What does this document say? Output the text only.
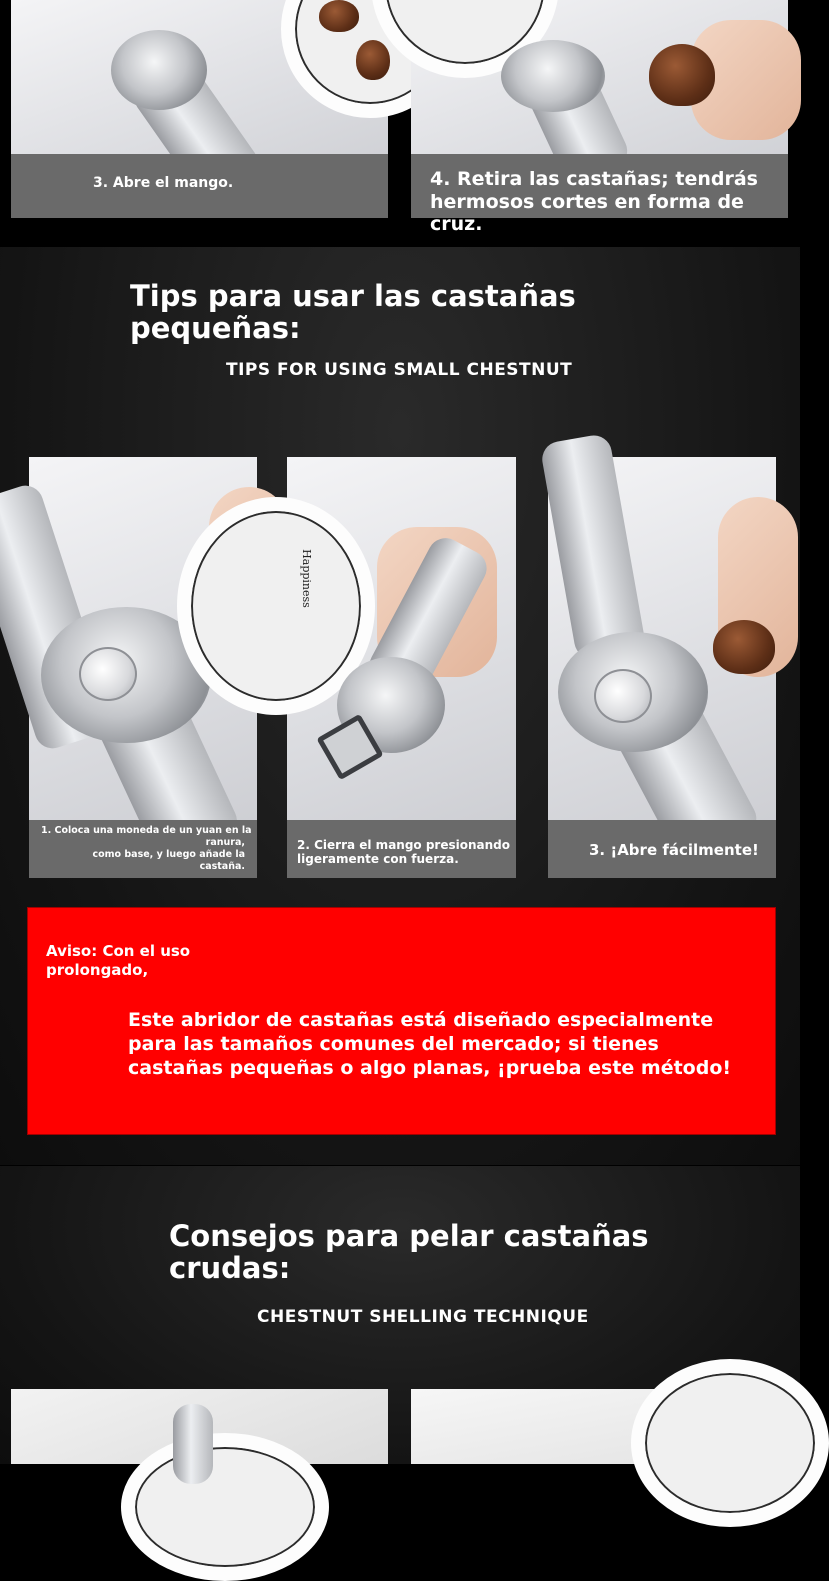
3. Abre el mango.	4. Retira las castañas; tendrás
hermosos cortes en forma de cruz.
Tips para usar las castañas
pequeñas:
TIPS FOR USING SMALL CHESTNUT
1. Coloca una moneda de un yuan en la
ranura,
como base, y luego añade la
castaña.
Happiness
2. Cierra el mango presionando
ligeramente con fuerza.	3. ¡Abre fácilmente!
Aviso: Con el uso
prolongado,
Este abridor de castañas está diseñado especialmente
para las tamaños comunes del mercado; si tienes
castañas pequeñas o algo planas, ¡prueba este método!
Consejos para pelar castañas
crudas:
CHESTNUT SHELLING TECHNIQUE
